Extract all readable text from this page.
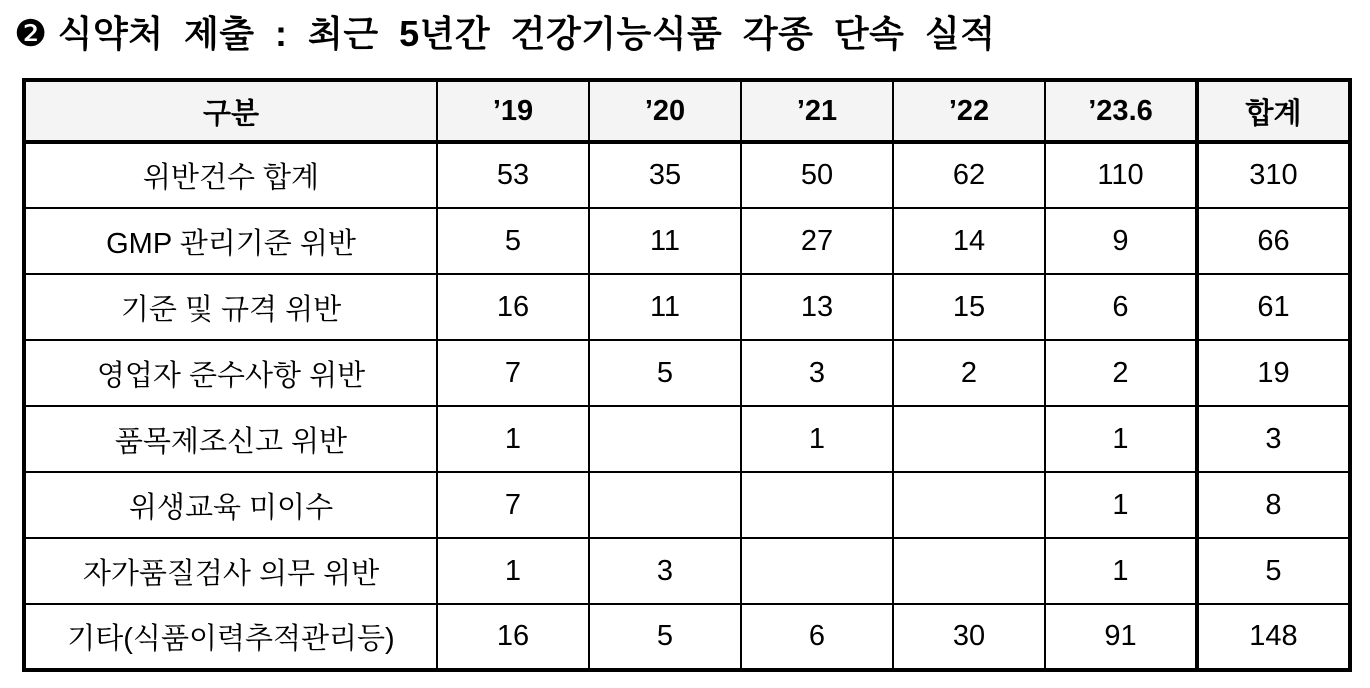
❷ 식약처 제출 : 최근 5년간 건강기능식품 각종 단속 실적
구분	’19	’20	’21	’22	’23.6	합계
위반건수 합계	53	35	50	62	110	310
GMP 관리기준 위반	5	11	27	14	9	66
기준 및 규격 위반	16	11	13	15	6	61
영업자 준수사항 위반	7	5	3	2	2	19
품목제조신고 위반	1		1		1	3
위생교육 미이수	7				1	8
자가품질검사 의무 위반	1	3			1	5
기타(식품이력추적관리등)	16	5	6	30	91	148
